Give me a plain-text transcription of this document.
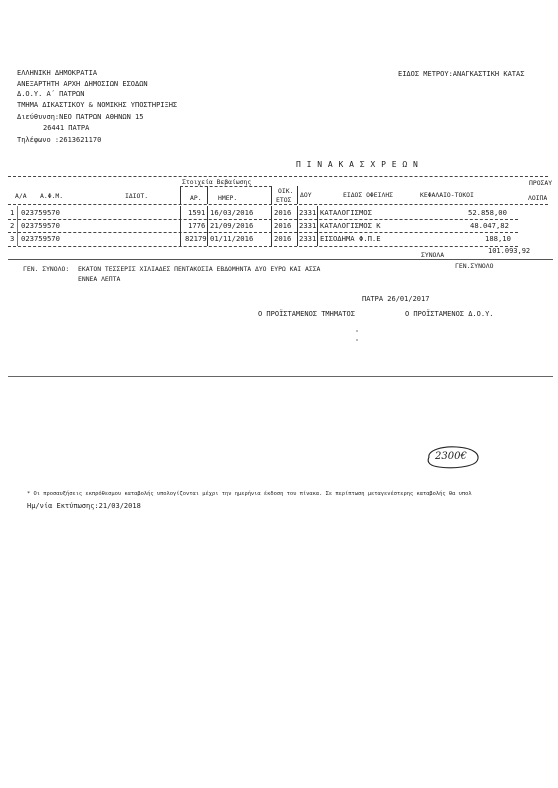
ΕΙΔΟΣ ΜΕΤΡΟΥ:ΑΝΑΓΚΑΣΤΙΚΗ ΚΑΤΑΣ
ΕΛΛΗΝΙΚΗ ΔΗΜΟΚΡΑΤΙΑ
ΑΝΕΞΑΡΤΗΤΗ ΑΡΧΗ ΔΗΜΟΣΙΩΝ ΕΣΟΔΩΝ
Δ.Ο.Υ. Α΄ ΠΑΤΡΩΝ
ΤΜΗΜΑ ΔΙΚΑΣΤΙΚΟΥ & ΝΟΜΙΚΗΣ ΥΠΟΣΤΗΡΙΞΗΣ
Διεύθυνση:ΝΕΟ ΠΑΤΡΩΝ ΑΘΗΝΩΝ 15
26441 ΠΑΤΡΑ
Τηλέφωνο :2613621170
Π Ι Ν Α Κ Α Σ Χ Ρ Ε Ω Ν
Στοιχεία Βεβαίωσης	ΠΡΟΣΑΥ
Α/Α Α.Φ.Μ.	ΙΔΙΟΤ.	ΑΡ.	ΗΜΕΡ.
ΟΙΚ.
ΕΤΟΣ
ΔΟΥ	ΕΙΔΟΣ ΟΦΕΙΛΗΣ	ΚΕΦΑΛΑΙΟ-ΤΟΚΟΙ	ΛΟΙΠΑ
1 023759570	1591 16/03/2016	2016 2331 ΚΑΤΑΛΟΓΙΣΜΟΣ	52.858,00
2 023759570	1776 21/09/2016	2016 2331 ΚΑΤΑΛΟΓΙΣΜΟΣ Κ	48.047,82
3 023759570	82179 01/11/2016	2016 2331 ΕΙΣΟΔΗΜΑ Φ.Π.Ε	188,10
101.093,92
ΣΥΝΟΛΑ
ΓΕΝ.ΣΥΝΟΛΟ
ΓΕΝ. ΣΥΝΟΛΟ: ΕΚΑΤΟΝ ΤΕΣΣΕΡΙΣ ΧΙΛΙΑΔΕΣ ΠΕΝΤΑΚΟΣΙΑ ΕΒΔΟΜΗΝΤΑ ΔΥΟ ΕΥΡΩ ΚΑΙ ΑΣΣΑ
ΕΝΝΕΑ ΛΕΠΤΑ
ΠΑΤΡΑ 26/01/2017
Ο ΠΡΟΪΣΤΑΜΕΝΟΣ ΤΜΗΜΑΤΟΣ	Ο ΠΡΟΪΣΤΑΜΕΝΟΣ Δ.Ο.Υ.
2300€
* Οι προσαυξήσεις εκπρόθεσμου καταβολής υπολογίζονται μέχρι την ημερήνια έκδοση του πίνακα. Σε περίπτωση μεταγενέστερης καταβολής θα υπολ
Ημ/νία Εκτύπωσης:21/03/2018
